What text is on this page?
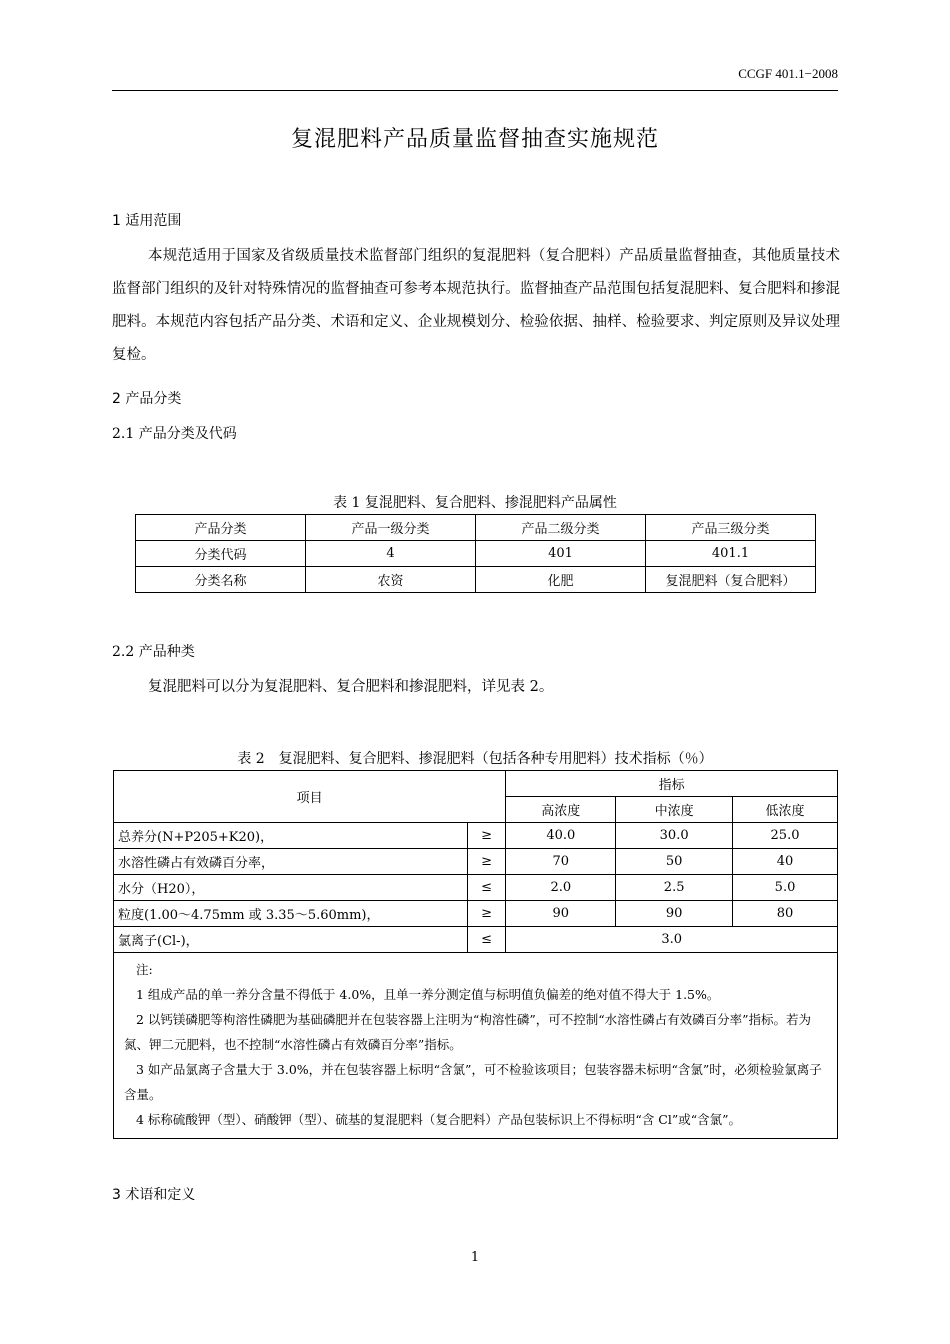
CCGF 401.1−2008
复混肥料产品质量监督抽查实施规范
1 适用范围

本规范适用于国家及省级质量技术监督部门组织的复混肥料（复合肥料）产品质量监督抽查，其他质量技术监督部门组织的及针对特殊情况的监督抽查可参考本规范执行。监督抽查产品范围包括复混肥料、复合肥料和掺混肥料。本规范内容包括产品分类、术语和定义、企业规模划分、检验依据、抽样、检验要求、判定原则及异议处理复检。

2 产品分类
2.1 产品分类及代码
表 1 复混肥料、复合肥料、掺混肥料产品属性
产品分类	产品一级分类	产品二级分类	产品三级分类
分类代码	4	401	401.1
分类名称	农资	化肥	复混肥料（复合肥料）
2.2 产品种类

复混肥料可以分为复混肥料、复合肥料和掺混肥料，详见表 2。

表 2　复混肥料、复合肥料、掺混肥料（包括各种专用肥料）技术指标（％）
项目		指标		
		高浓度	中浓度	低浓度
总养分(N+P205+K20)，	≥	40.0	30.0	25.0
水溶性磷占有效磷百分率，	≥	70	50	40
水分（H20），	≤	2.0	2.5	5.0
粒度(1.00～4.75mm 或 3.35～5.60mm)，	≥	90	90	80
氯离子(Cl-)，	≤	3.0		

注:
1 组成产品的单一养分含量不得低于 4.0%，且单一养分测定值与标明值负偏差的绝对值不得大于 1.5%。
2 以钙镁磷肥等枸溶性磷肥为基础磷肥并在包装容器上注明为“枸溶性磷”，可不控制“水溶性磷占有效磷百分率”指标。若为氮、钾二元肥料，也不控制“水溶性磷占有效磷百分率”指标。
3 如产品氯离子含量大于 3.0%，并在包装容器上标明“含氯”，可不检验该项目；包装容器未标明“含氯”时，必须检验氯离子含量。
4 标称硫酸钾（型）、硝酸钾（型）、硫基的复混肥料（复合肥料）产品包装标识上不得标明“含 Cl”或“含氯”。				
3 术语和定义
1
